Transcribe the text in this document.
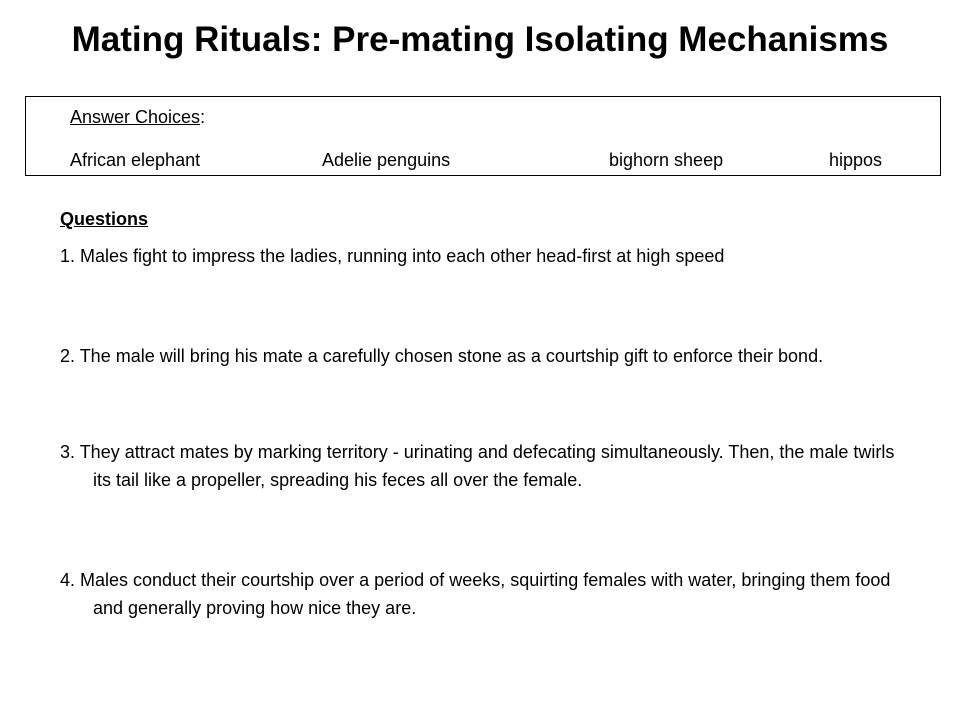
Mating Rituals: Pre-mating Isolating Mechanisms
Answer Choices:
African elephant	Adelie penguins	bighorn sheep	hippos
Questions
1. Males fight to impress the ladies, running into each other head-first at high speed
2. The male will bring his mate a carefully chosen stone as a courtship gift to enforce their bond.
3. They attract mates by marking territory - urinating and defecating simultaneously. Then, the male twirls its tail like a propeller, spreading his feces all over the female.
4. Males conduct their courtship over a period of weeks, squirting females with water, bringing them food and generally proving how nice they are.
